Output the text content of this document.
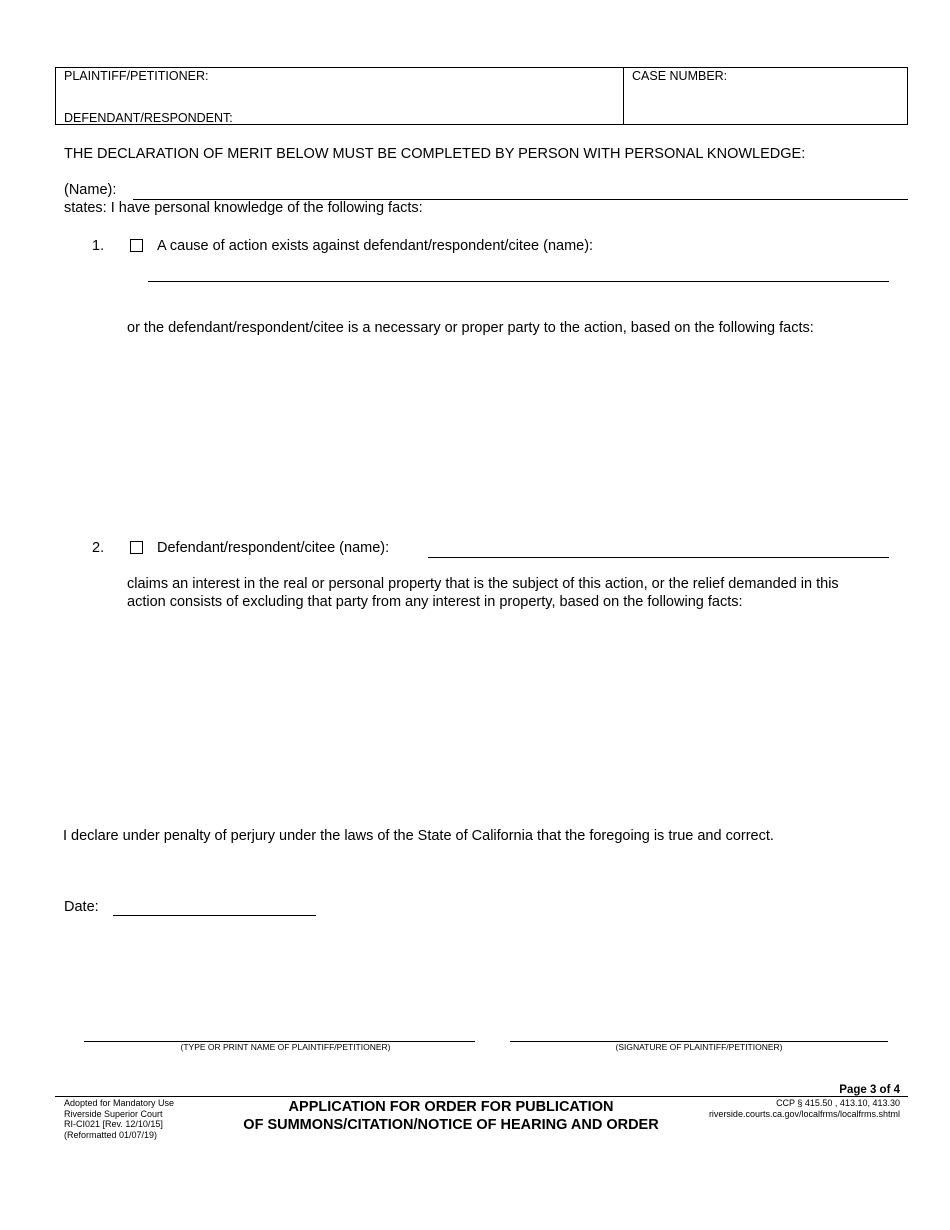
PLAINTIFF/PETITIONER:
DEFENDANT/RESPONDENT:
CASE NUMBER:
THE DECLARATION OF MERIT BELOW MUST BE COMPLETED BY PERSON WITH PERSONAL KNOWLEDGE:
(Name):
states: I have personal knowledge of the following facts:
1.	A cause of action exists against defendant/respondent/citee (name):
or the defendant/respondent/citee is a necessary or proper party to the action, based on the following facts:
2.	Defendant/respondent/citee (name):
claims an interest in the real or personal property that is the subject of this action, or the relief demanded in this
action consists of excluding that party from any interest in property, based on the following facts:
I declare under penalty of perjury under the laws of the State of California that the foregoing is true and correct.
Date:
(TYPE OR PRINT NAME OF PLAINTIFF/PETITIONER)	(SIGNATURE OF PLAINTIFF/PETITIONER)
Page 3 of 4
Adopted for Mandatory Use
Riverside Superior Court
RI-CI021 [Rev. 12/10/15]
(Reformatted 01/07/19)
APPLICATION FOR ORDER FOR PUBLICATION
OF SUMMONS/CITATION/NOTICE OF HEARING AND ORDER
CCP § 415.50 , 413.10, 413.30
riverside.courts.ca.gov/localfrms/localfrms.shtml
